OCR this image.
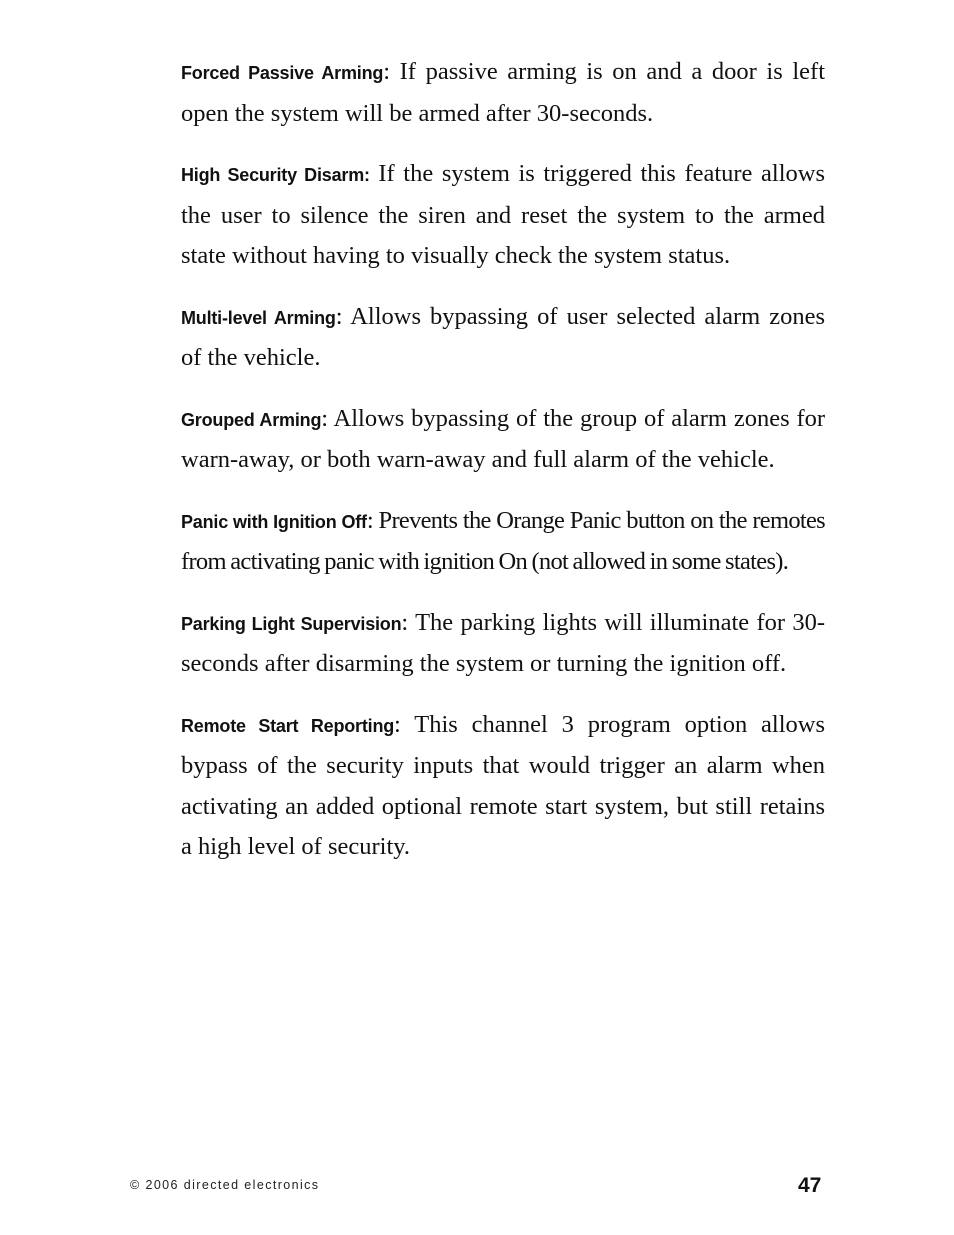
Forced Passive Arming: If passive arming is on and a door is left open the system will be armed after 30-seconds.

High Security Disarm: If the system is triggered this feature allows the user to silence the siren and reset the system to the armed state without having to visually check the system status.

Multi-level Arming: Allows bypassing of user selected alarm zones of the vehicle.

Grouped Arming: Allows bypassing of the group of alarm zones for warn-away, or both warn-away and full alarm of the vehicle.

Panic with Ignition Off: Prevents the Orange Panic button on the remotes from activating panic with ignition On (not allowed in some states).

Parking Light Supervision: The parking lights will illuminate for 30-seconds after disarming the system or turning the ignition off.

Remote Start Reporting: This channel 3 program option allows bypass of the security inputs that would trigger an alarm when activating an added optional remote start system, but still retains a high level of security.

© 2006 directed electronics	47
